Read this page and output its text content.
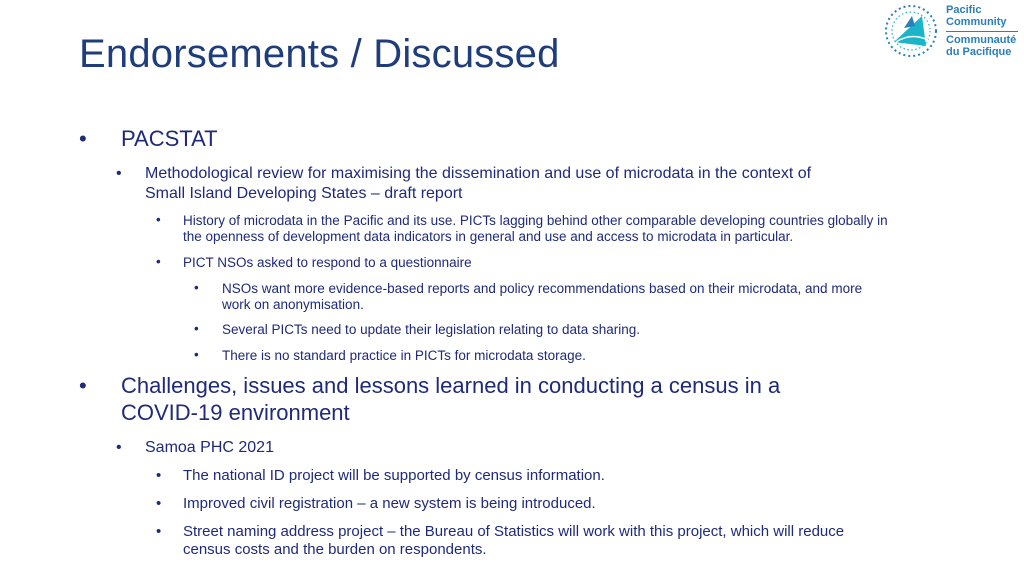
Endorsements / Discussed
Pacific
Community
Communauté
du Pacifique
• PACSTAT
• Methodological review for maximising the dissemination and use of microdata in the context of
Small Island Developing States – draft report
• History of microdata in the Pacific and its use. PICTs lagging behind other comparable developing countries globally in
the openness of development data indicators in general and use and access to microdata in particular.
• PICT NSOs asked to respond to a questionnaire
• NSOs want more evidence-based reports and policy recommendations based on their microdata, and more
work on anonymisation.
• Several PICTs need to update their legislation relating to data sharing.
• There is no standard practice in PICTs for microdata storage.
• Challenges, issues and lessons learned in conducting a census in a
COVID-19 environment
• Samoa PHC 2021
• The national ID project will be supported by census information.
• Improved civil registration – a new system is being introduced.
• Street naming address project – the Bureau of Statistics will work with this project, which will reduce
census costs and the burden on respondents.
